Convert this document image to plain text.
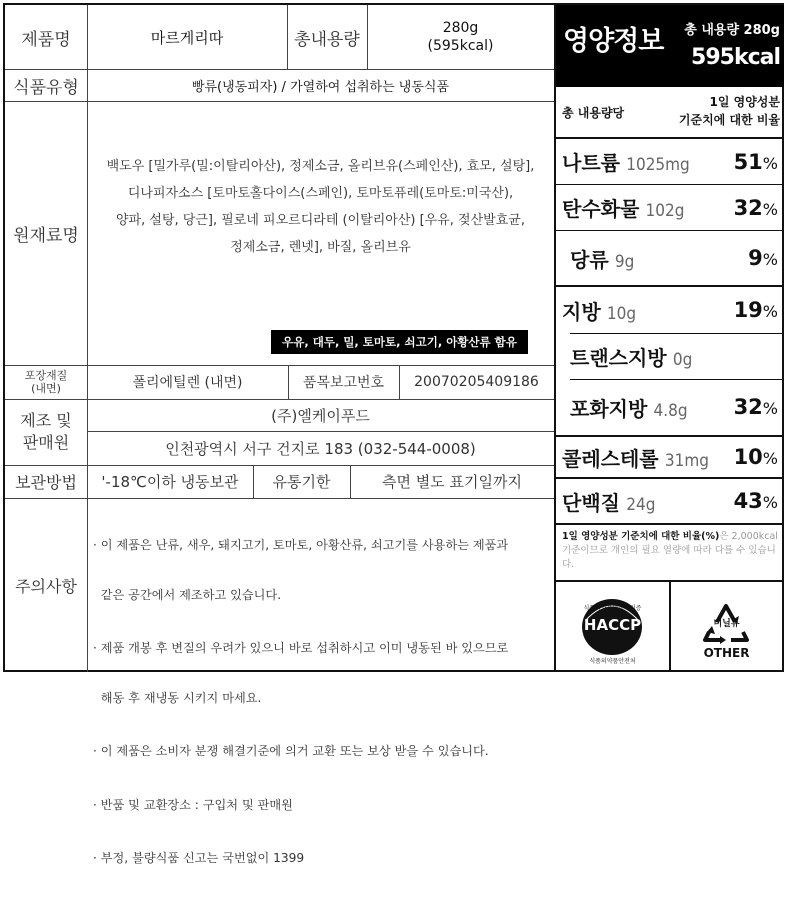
제품명	마르게리따	총내용량
280g
(595kcal)
식품유형	빵류(냉동피자) / 가열하여 섭취하는 냉동식품
원재료명
백도우 [밀가루(밀:이탈리아산), 정제소금, 올리브유(스페인산), 효모, 설탕],
디나피자소스 [토마토홀다이스(스페인), 토마토퓨레(토마토:미국산),
양파, 설탕, 당근], 필로네 피오르디라테 (이탈리아산) [우유, 젖산발효균,
정제소금, 렌넷], 바질, 올리브유
우유, 대두, 밀, 토마토, 쇠고기, 아황산류 함유
포장재질
(내면)	폴리에틸렌 (내면)	품목보고번호	20070205409186
제조 및
판매원
(주)엘케이푸드
인천광역시 서구 건지로 183 (032-544-0008)
보관방법	'-18℃이하 냉동보관	유통기한	측면 별도 표기일까지
주의사항

· 이 제품은 난류, 새우, 돼지고기, 토마토, 아황산류, 쇠고기를 사용하는 제품과

같은 공간에서 제조하고 있습니다.

· 제품 개봉 후 변질의 우려가 있으니 바로 섭취하시고 이미 냉동된 바 있으므로

해동 후 재냉동 시키지 마세요.

· 이 제품은 소비자 분쟁 해결기준에 의거 교환 또는 보상 받을 수 있습니다.

· 반품 및 교환장소 : 구입처 및 판매원

· 부정, 불량식품 신고는 국번없이 1399

영양정보 총 내용량 280g
595kcal
총 내용량당
1일 영양성분
기준치에 대한 비율
나트륨 1025mg 51%
탄수화물 102g 32%
당류 9g	9%
지방 10g	19%
트랜스지방 0g
포화지방 4.8g 32%
콜레스테롤 31mg 10%
단백질 24g	43%
1일 영양성분 기준치에 대한 비율(%)은 2,000kcal 기준이므로 개인의 필요 열량에 따라 다를 수 있습니다.
식품의약품안전처인증
HACCP
식품의약품안전처
비닐류
OTHER
